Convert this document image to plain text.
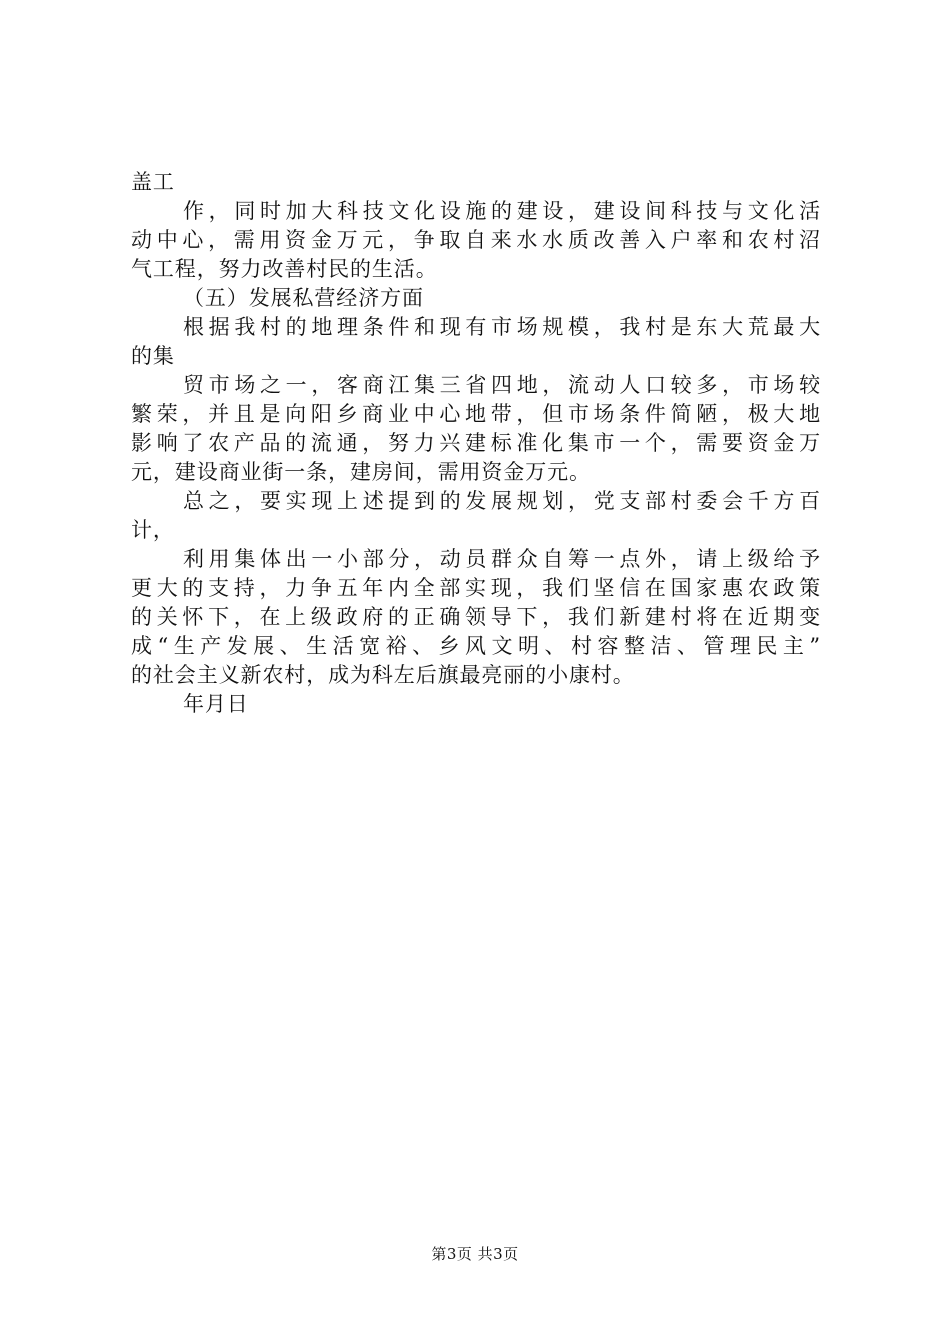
盖工
作，同时加大科技文化设施的建设，建设间科技与文化活
动中心，需用资金万元，争取自来水水质改善入户率和农村沼
气工程，努力改善村民的生活。
（五）发展私营经济方面
根据我村的地理条件和现有市场规模，我村是东大荒最大
的集
贸市场之一，客商江集三省四地，流动人口较多，市场较
繁荣，并且是向阳乡商业中心地带，但市场条件简陋，极大地
影响了农产品的流通，努力兴建标准化集市一个，需要资金万
元，建设商业街一条，建房间，需用资金万元。
总之，要实现上述提到的发展规划，党支部村委会千方百
计，
利用集体出一小部分，动员群众自筹一点外，请上级给予
更大的支持，力争五年内全部实现，我们坚信在国家惠农政策
的关怀下，在上级政府的正确领导下，我们新建村将在近期变
成“生产发展、生活宽裕、乡风文明、村容整洁、管理民主”
的社会主义新农村，成为科左后旗最亮丽的小康村。
年月日
第3页 共3页
